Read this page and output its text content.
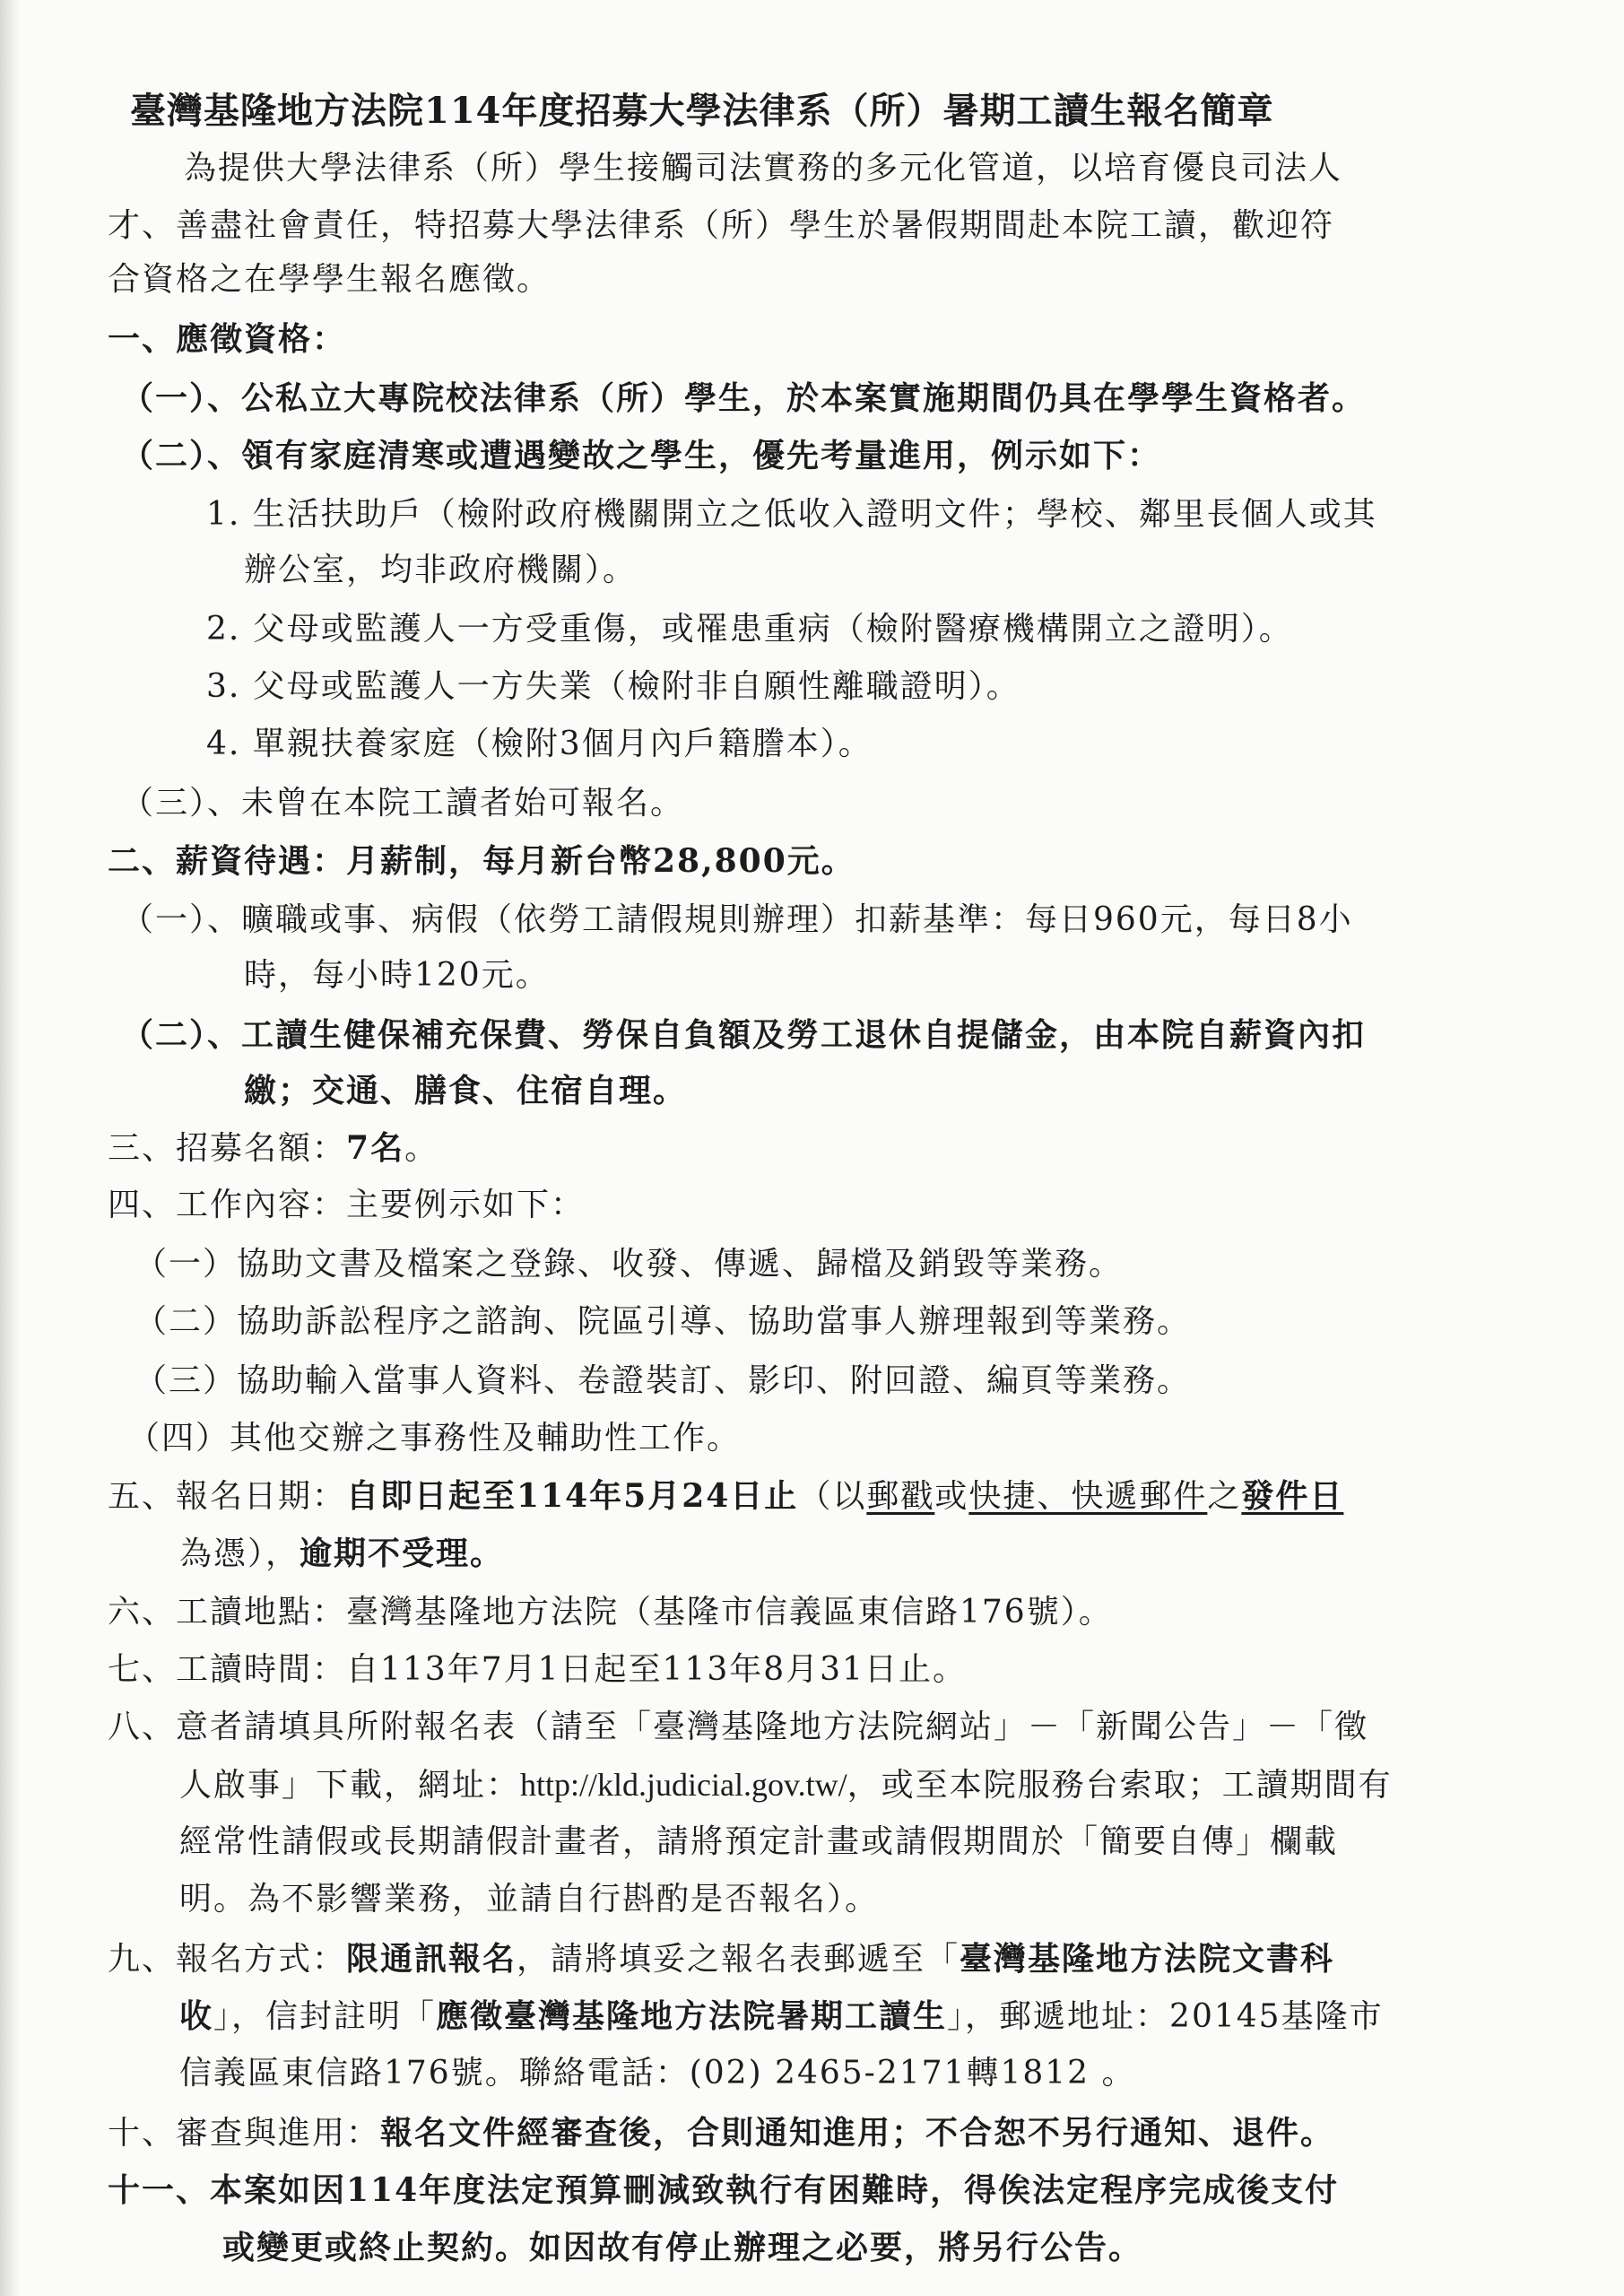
臺灣基隆地方法院114年度招募大學法律系（所）暑期工讀生報名簡章
為提供大學法律系（所）學生接觸司法實務的多元化管道，以培育優良司法人
才、善盡社會責任，特招募大學法律系（所）學生於暑假期間赴本院工讀，歡迎符
合資格之在學學生報名應徵。
一、應徵資格：
（一）、公私立大專院校法律系（所）學生，於本案實施期間仍具在學學生資格者。
（二）、領有家庭清寒或遭遇變故之學生，優先考量進用，例示如下：
1. 生活扶助戶（檢附政府機關開立之低收入證明文件；學校、鄰里長個人或其
辦公室，均非政府機關）。
2. 父母或監護人一方受重傷，或罹患重病（檢附醫療機構開立之證明）。
3. 父母或監護人一方失業（檢附非自願性離職證明）。
4. 單親扶養家庭（檢附3個月內戶籍謄本）。
（三）、未曾在本院工讀者始可報名。
二、薪資待遇：月薪制，每月新台幣28,800元。
（一）、曠職或事、病假（依勞工請假規則辦理）扣薪基準：每日960元，每日8小
時，每小時120元。
（二）、工讀生健保補充保費、勞保自負額及勞工退休自提儲金，由本院自薪資內扣
繳；交通、膳食、住宿自理。
三、招募名額：7名。
四、工作內容：主要例示如下：
（一）協助文書及檔案之登錄、收發、傳遞、歸檔及銷毀等業務。
（二）協助訴訟程序之諮詢、院區引導、協助當事人辦理報到等業務。
（三）協助輸入當事人資料、卷證裝訂、影印、附回證、編頁等業務。
（四）其他交辦之事務性及輔助性工作。
五、報名日期：自即日起至114年5月24日止（以郵戳或快捷、快遞郵件之發件日
為憑），逾期不受理。
六、工讀地點：臺灣基隆地方法院（基隆市信義區東信路176號）。
七、工讀時間：自113年7月1日起至113年8月31日止。
八、意者請填具所附報名表（請至「臺灣基隆地方法院網站」－「新聞公告」－「徵
人啟事」下載，網址：http://kld.judicial.gov.tw/，或至本院服務台索取；工讀期間有
經常性請假或長期請假計畫者，請將預定計畫或請假期間於「簡要自傳」欄載
明。為不影響業務，並請自行斟酌是否報名）。
九、報名方式：限通訊報名，請將填妥之報名表郵遞至「臺灣基隆地方法院文書科
收」，信封註明「應徵臺灣基隆地方法院暑期工讀生」，郵遞地址：20145基隆市
信義區東信路176號。聯絡電話：(02) 2465-2171轉1812 。
十、審查與進用：報名文件經審查後，合則通知進用；不合恕不另行通知、退件。
十一、本案如因114年度法定預算刪減致執行有困難時，得俟法定程序完成後支付
或變更或終止契約。如因故有停止辦理之必要，將另行公告。
